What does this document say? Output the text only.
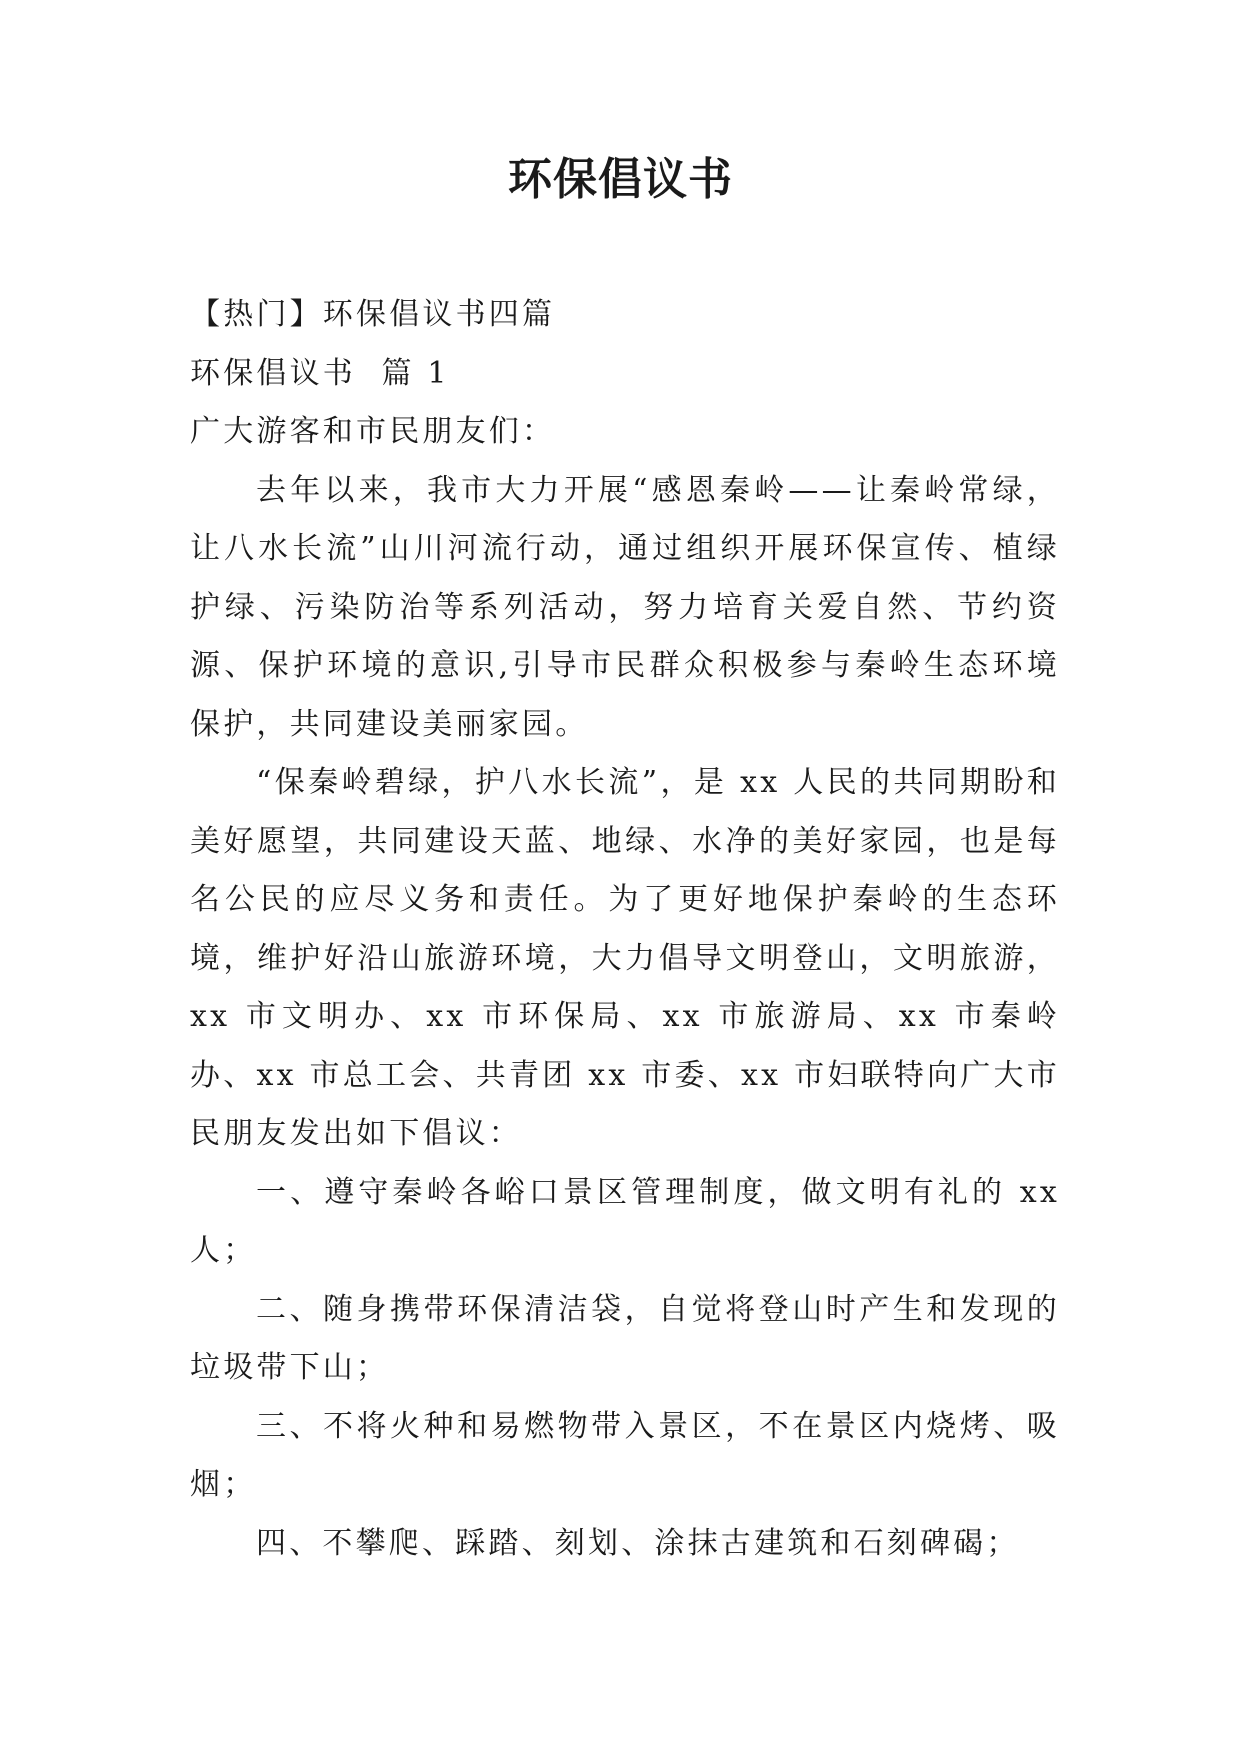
环保倡议书

【热门】环保倡议书四篇

环保倡议书  篇 1

广大游客和市民朋友们：

去年以来，我市大力开展“感恩秦岭——让秦岭常绿，让八水长流”山川河流行动，通过组织开展环保宣传、植绿护绿、污染防治等系列活动，努力培育关爱自然、节约资源、保护环境的意识,引导市民群众积极参与秦岭生态环境保护，共同建设美丽家园。

“保秦岭碧绿，护八水长流”，是 xx 人民的共同期盼和美好愿望，共同建设天蓝、地绿、水净的美好家园，也是每名公民的应尽义务和责任。为了更好地保护秦岭的生态环境，维护好沿山旅游环境，大力倡导文明登山，文明旅游，xx 市文明办、xx 市环保局、xx 市旅游局、xx 市秦岭办、xx 市总工会、共青团 xx 市委、xx 市妇联特向广大市民朋友发出如下倡议：

一、遵守秦岭各峪口景区管理制度，做文明有礼的 xx 人；

二、随身携带环保清洁袋，自觉将登山时产生和发现的垃圾带下山；

三、不将火种和易燃物带入景区，不在景区内烧烤、吸烟；

四、不攀爬、踩踏、刻划、涂抹古建筑和石刻碑碣；
